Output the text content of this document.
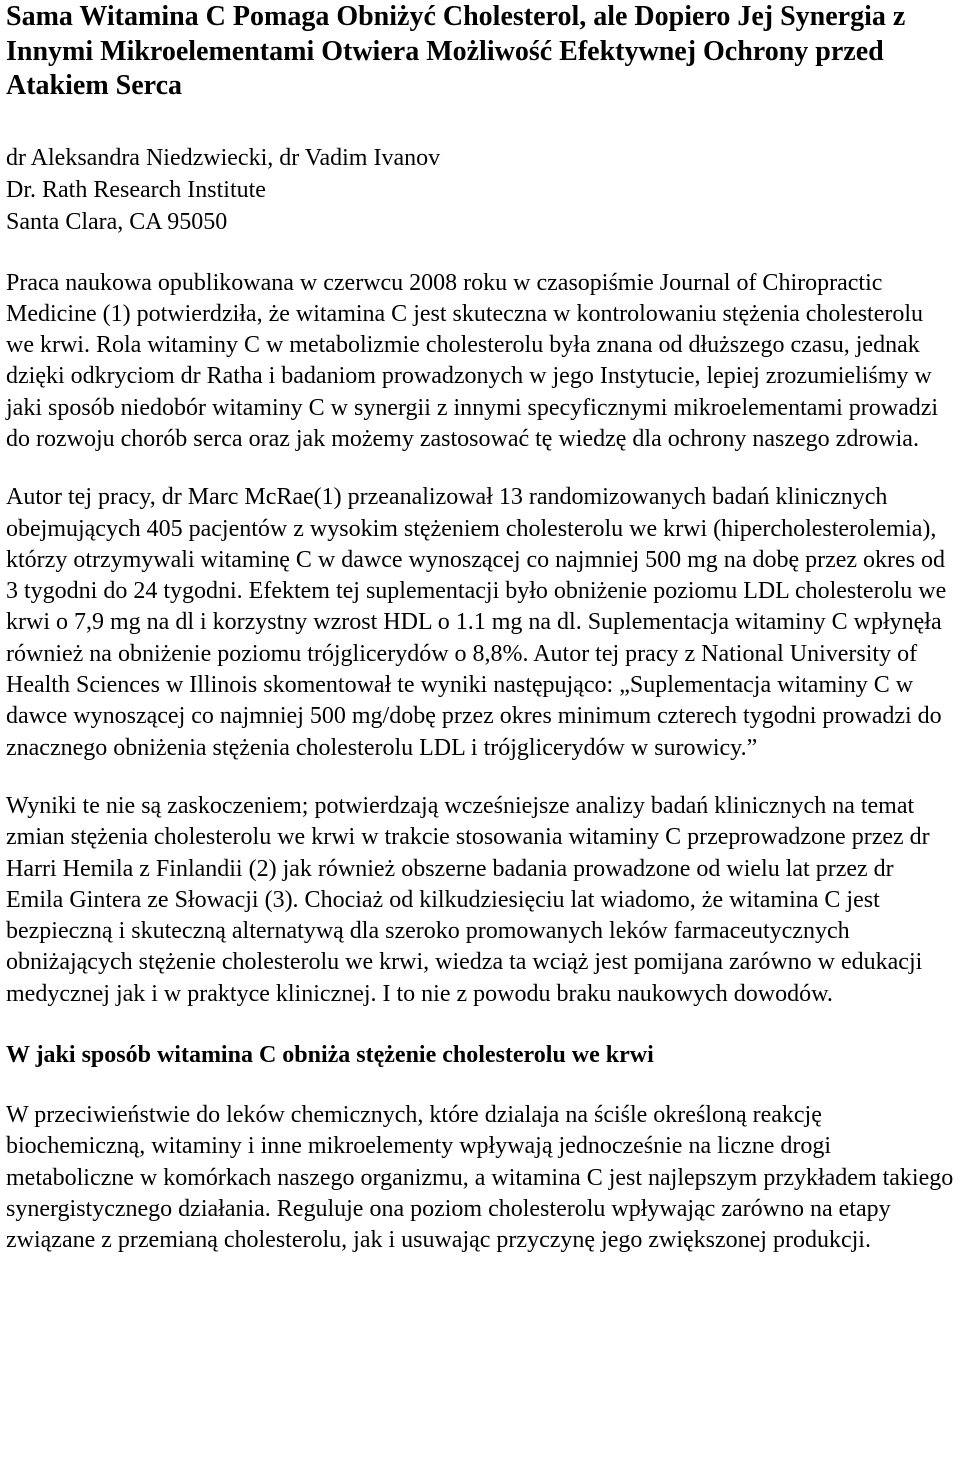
Sama Witamina C Pomaga Obniżyć Cholesterol, ale Dopiero Jej Synergia z Innymi Mikroelementami Otwiera Możliwość Efektywnej Ochrony przed Atakiem Serca
dr Aleksandra Niedzwiecki, dr Vadim Ivanov
Dr. Rath Research Institute
Santa Clara, CA 95050

Praca naukowa opublikowana w czerwcu 2008 roku w czasopiśmie Journal of Chiropractic Medicine (1) potwierdziła, że witamina C jest skuteczna w kontrolowaniu stężenia cholesterolu we krwi. Rola witaminy C w metabolizmie cholesterolu była znana od dłuższego czasu, jednak dzięki odkryciom dr Ratha i badaniom prowadzonych w jego Instytucie, lepiej zrozumieliśmy w jaki sposób niedobór witaminy C w synergii z innymi specyficznymi mikroelementami prowadzi do rozwoju chorób serca oraz jak możemy zastosować tę wiedzę dla ochrony naszego zdrowia.

Autor tej pracy, dr Marc McRae(1) przeanalizował 13 randomizowanych badań klinicznych obejmujących 405 pacjentów z wysokim stężeniem cholesterolu we krwi (hipercholesterolemia), którzy otrzymywali witaminę C w dawce wynoszącej co najmniej 500 mg na dobę przez okres od 3 tygodni do 24 tygodni. Efektem tej suplementacji było obniżenie poziomu LDL cholesterolu we krwi o 7,9 mg na dl i korzystny wzrost HDL o 1.1 mg na dl. Suplementacja witaminy C wpłynęła również na obniżenie poziomu trójglicerydów o 8,8%. Autor tej pracy z National University of Health Sciences w Illinois skomentował te wyniki następująco: „Suplementacja witaminy C w dawce wynoszącej co najmniej 500 mg/dobę przez okres minimum czterech tygodni prowadzi do znacznego obniżenia stężenia cholesterolu LDL i trójglicerydów w surowicy.”

Wyniki te nie są zaskoczeniem; potwierdzają wcześniejsze analizy badań klinicznych na temat zmian stężenia cholesterolu we krwi w trakcie stosowania witaminy C przeprowadzone przez dr Harri Hemila z Finlandii (2) jak również obszerne badania prowadzone od wielu lat przez dr Emila Gintera ze Słowacji (3). Chociaż od kilkudziesięciu lat wiadomo, że witamina C jest bezpieczną i skuteczną alternatywą dla szeroko promowanych leków farmaceutycznych obniżających stężenie cholesterolu we krwi, wiedza ta wciąż jest pomijana zarówno w edukacji medycznej jak i w praktyce klinicznej. I to nie z powodu braku naukowych dowodów.

W jaki sposób witamina C obniża stężenie cholesterolu we krwi

W przeciwieństwie do leków chemicznych, które dzialaja na ściśle określoną reakcję biochemiczną, witaminy i inne mikroelementy wpływają jednocześnie na liczne drogi metaboliczne w komórkach naszego organizmu, a witamina C jest najlepszym przykładem takiego synergistycznego działania. Reguluje ona poziom cholesterolu wpływając zarówno na etapy związane z przemianą cholesterolu, jak i usuwając przyczynę jego zwiększonej produkcji.
